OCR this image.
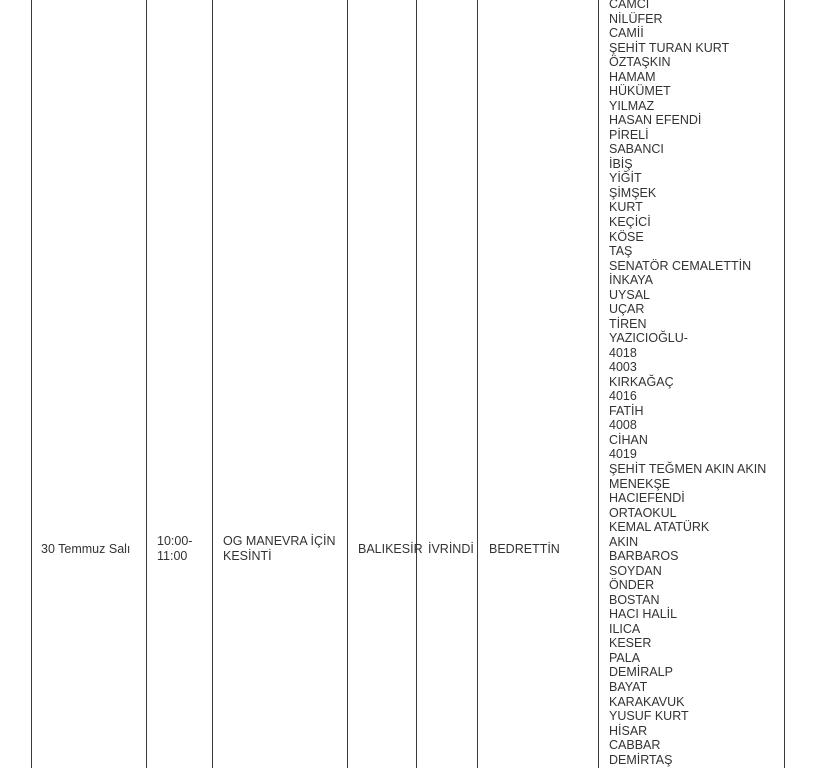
30 Temmuz Salı
10:00-11:00
OG MANEVRA İÇİN KESİNTİ	BALIKESİR İVRİNDİ BEDRETTİN
CAMCI
NİLÜFER
CAMİİ
ŞEHİT TURAN KURT
ÖZTAŞKIN
HAMAM
HÜKÜMET
YILMAZ
HASAN EFENDİ
PİRELİ
SABANCI
İBİŞ
YİĞİT
ŞİMŞEK
KURT
KEÇİCİ
KÖSE
TAŞ
SENATÖR CEMALETTİN
İNKAYA
UYSAL
UÇAR
TİREN
YAZICIOĞLU-
4018
4003
KIRKAĞAÇ
4016
FATİH
4008
CİHAN
4019
ŞEHİT TEĞMEN AKIN AKIN
MENEKŞE
HACIEFENDİ
ORTAOKUL
KEMAL ATATÜRK
AKIN
BARBAROS
SOYDAN
ÖNDER
BOSTAN
HACI HALİL
ILICA
KESER
PALA
DEMİRALP
BAYAT
KARAKAVUK
YUSUF KURT
HİSAR
CABBAR
DEMİRTAŞ
